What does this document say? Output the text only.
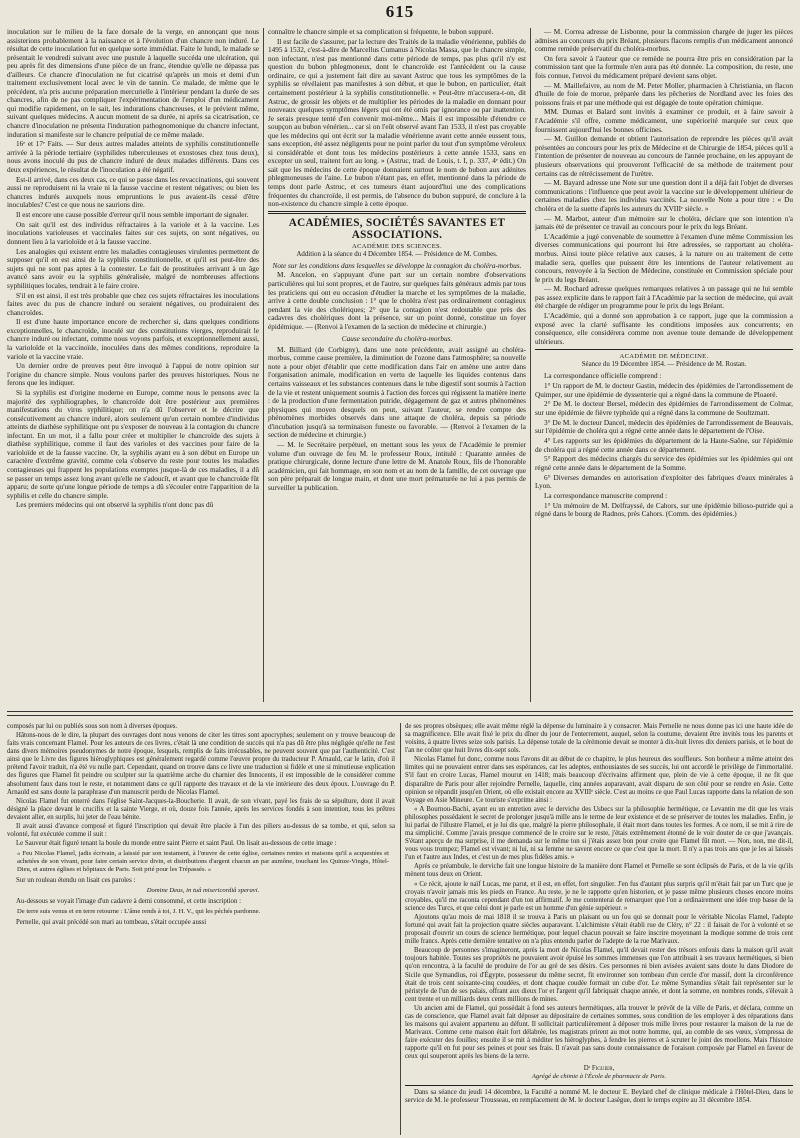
615

inoculation sur le milieu de la face dorsale de la verge, en annonçant que nous assisterions probablement à la naissance et à l'évolution d'un chancre non induré. Le résultat de cette inoculation fut en quelque sorte immédiat. Faite le lundi, le malade se présentait le vendredi suivant avec une pustule à laquelle succéda une ulcération, qui peu après fit des dimensions d'une pièce de un franc, étendue qu'elle ne dépassa pas d'ailleurs. Ce chancre d'inoculation ne fut cicatrisé qu'après un mois et demi d'un traitement exclusivement local avec le vin de tannin. Ce malade, de même que le précédent, n'a pris aucune préparation mercurielle à l'intérieur pendant la durée de ses chancres, afin de ne pas compliquer l'expérimentation de l'emploi d'un médicament qui modifie rapidement, on le sait, les indurations chancreuses, et le prévient même, suivant quelques médecins. A aucun moment de sa durée, ni après sa cicatrisation, ce chancre d'inoculation ne présenta l'induration pathognomonique du chancre infectant, induration si manifeste sur le chancre préputial de ce même malade.

16ᵉ et 17ᵉ Faits. — Sur deux autres malades atteints de syphilis constitutionnelle arrivée à la période tertiaire (syphilides tuberculeuses et exostoses chez tous deux), nous avons inoculé du pus de chancre induré de deux malades différents. Dans ces deux expériences, le résultat de l'inoculation a été négatif.

Est-il arrivé, dans ces deux cas, ce qui se passe dans les revaccinations, qui souvent aussi ne reproduisent ni la vraie ni la fausse vaccine et restent négatives; ou bien les chancres indurés auxquels nous empruntions le pus avaient-ils cessé d'être inoculables? C'est ce que nous ne saurions dire.

Il est encore une cause possible d'erreur qu'il nous semble important de signaler.

On sait qu'il est des individus réfractaires à la variole et à la vaccine. Les inoculations varioleuses et vaccinales faites sur ces sujets, on sont négatives, ou donnent lieu à la varioloïde et à la fausse vaccine.

Les analogies qui existent entre les maladies contagieuses virulentes permettent de supposer qu'il en est ainsi de la syphilis constitutionnelle, et qu'il est peut-être des sujets qui ne sont pas aptes à la contester. Le fait de prostituées arrivant à un âge avancé sans avoir eu la syphilis généralisée, malgré de nombreuses affections syphilitiques locales, tendrait à le faire croire.

S'il en est ainsi, il est très probable que chez ces sujets réfractaires les inoculations faites avec du pus de chancre induré ou seraient négatives, ou produiraient des chancroïdes.

Il est d'une haute importance encore de rechercher si, dans quelques conditions exceptionnelles, le chancroïde, inoculé sur des constitutions vierges, reproduirait le chancre induré ou infectant, comme nous voyons parfois, et exceptionnellement aussi, la varioloïde et la vaccinoïde, inoculées dans des mêmes conditions, reproduire la variole et la vaccine vraie.

Un dernier ordre de preuves peut être invoqué à l'appui de notre opinion sur l'origine du chancre simple. Nous voulons parler des preuves historiques. Nous ne ferons que les indiquer.

Si la syphilis est d'origine moderne en Europe, comme nous le pensons avec la majorité des syphiliographes, le chancroïde doit être postérieur aux premières manifestations du virus syphilitique; on n'a dû l'observer et le décrire que consécutivement au chancre induré, alors seulement qu'un certain nombre d'individus atteints de diathèse syphilitique ont pu s'exposer de nouveau à la contagion du chancre infectant. En un mot, il a fallu pour créer et multiplier le chancroïde des sujets à diathèse syphilitique, comme il faut des varioles et des vaccines pour faire de la varioloïde et de la fausse vaccine. Or, la syphilis ayant eu à son début en Europe un caractère d'extrême gravité, comme cela s'observe du reste pour toutes les maladies contagieuses qui frappent les populations exemptes jusque-là de ces maladies, il a dû se passer un temps assez long avant qu'elle ne s'adoucît, et avant que le chancroïde fût apparu; de sorte qu'une longue période de temps a dû s'écouler entre l'apparition de la syphilis et celle du chancre simple.

Les premiers médecins qui ont observé la syphilis n'ont donc pas dû

connaître le chancre simple et sa complication si fréquente, le bubon suppuré.

Il est facile de s'assurer, par la lecture des Traités de la maladie vénérienne, publiés de 1495 à 1532, c'est-à-dire de Marcellus Cumanus à Nicolas Massa, que le chancre simple, non infectant, n'est pas mentionné dans cette période de temps, pas plus qu'il n'y est question du bubon phlegmoneux, dont le chancroïde est l'antécédent ou la cause ordinaire, ce qui a justement fait dire au savant Astruc que tous les symptômes de la syphilis se révélaient pas manifestes à son début, et que le bubon, en particulier, était certainement postérieur à la syphilis constitutionnelle. « Peut-être m'accusera-t-on, dit Astruc, de grossir les objets et de multiplier les périodes de la maladie en donnant pour nouveaux quelques symptômes légers qui ont été omis par ignorance ou par inattention. Je serais presque tenté d'en convenir moi-même... Mais il est impossible d'étendre ce soupçon au bubon vénérien... car si on l'eût observé avant l'an 1533, il n'est pas croyable que les médecins qui ont écrit sur la maladie vénérienne avant cette année eussent tous, sans exception, été assez négligents pour ne point parler du tout d'un symptôme véroleux si considérable et dont tous les médecins postérieurs à cette année 1533, sans en excepter un seul, traitent fort au long. » (Astruc, trad. de Louis, t. I, p. 337, 4ᵉ édit.) On sait que les médecins de cette époque donnaient surtout le nom de bubon aux adénites phlegmoneuses de l'aine. Le bubon n'étant pas, en effet, mentionné dans la période de temps dont parle Astruc, et ces tumeurs étant aujourd'hui une des complications fréquentes du chancroïde, il est permis, de l'absence du bubon suppuré, de conclure à la non-existence du chancre simple à cette époque.

ACADÉMIES, SOCIÉTÉS SAVANTES ET ASSOCIATIONS.
ACADÉMIE DES SCIENCES.
Addition à la séance du 4 Décembre 1854. — Présidence de M. Combes.

Note sur les conditions dans lesquelles se développe la contagion du choléra-morbus.

M. Ancelon, en s'appuyant d'une part sur un certain nombre d'observations particulières qui lui sont propres, et de l'autre, sur quelques faits généraux admis par tous les praticiens qui ont eu occasion d'étudier la marche et les symptômes de la maladie, arrive à cette double conclusion : 1° que le choléra n'est pas ordinairement contagieux pendant la vie des cholériques; 2° que la contagion n'est redoutable que près des cadavres des cholériques dont la présence, sur un point donné, constitue un foyer épidémique. — (Renvoi à l'examen de la section de médecine et chirurgie.)

Cause secondaire du choléra-morbus.

M. Billiard (de Corbigny), dans une note précédente, avait assigné au choléra-morbus, comme cause première, la diminution de l'ozone dans l'atmosphère; sa nouvelle note a pour objet d'établir que cette modification dans l'air en amène une autre dans l'organisation animale, modification en vertu de laquelle les liquides contenus dans certains vaisseaux et les substances contenues dans le tube digestif sont soumis à l'action de la vie et restent uniquement soumis à l'action des forces qui régissent la matière inerte : de la production d'une fermentation putride, dégagement de gaz et autres phénomènes physiques qui moyen desquels on peut, suivant l'auteur, se rendre compte des phénomènes morbides observés dans une attaque de choléra, depuis sa période d'incubation jusqu'à sa terminaison funeste ou favorable. — (Renvoi à l'examen de la section de médecine et chirurgie.)

— M. le Secrétaire perpétuel, en mettant sous les yeux de l'Académie le premier volume d'un ouvrage de feu M. le professeur Roux, intitulé : Quarante années de pratique chirurgicale, donne lecture d'une lettre de M. Anatole Roux, fils de l'honorable académicien, qui fait hommage, en son nom et au nom de la famille, de cet ouvrage que son père préparait de longue main, et dont une mort prématurée ne lui a pas permis de surveiller la publication.

— M. Correa adresse de Lisbonne, pour la commission chargée de juger les pièces admises au concours du prix Bréant, plusieurs flacons remplis d'un médicament annoncé comme remède préservatif du choléra-morbus.

On fera savoir à l'auteur que ce remède ne pourra être pris en considération par la commission tant que la formule n'en aura pas été donnée. La composition, du reste, une fois connue, l'envoi du médicament préparé devient sans objet.

— M. Maillefaivre, au nom de M. Peter Moller, pharmacien à Christiania, un flacon d'huile de foie de morue, préparée dans les pêcheries de Nordland avec les foies des poissons frais et par une méthode qui est dégagée de toute opération chimique.

MM. Dumas et Balard sont invités à examiner ce produit, et à faire savoir à l'Académie s'il offre, comme médicament, une supériorité marquée sur ceux que fournissent aujourd'hui les bonnes officines.

— M. Guillon demande et obtient l'autorisation de reprendre les pièces qu'il avait présentées au concours pour les prix de Médecine et de Chirurgie de 1854, pièces qu'il a l'intention de présenter de nouveau au concours de l'année prochaine, en les appuyant de plusieurs observations qui prouveront l'efficacité de sa méthode de traitement pour certains cas de rétrécissement de l'urètre.

— M. Bayard adresse une Note sur une question dont il a déjà fait l'objet de diverses communications : l'influence que peut avoir la vaccine sur le développement ultérieur de certaines maladies chez les individus vaccinés. La nouvelle Note a pour titre : « Du choléra et de la suette d'après les auteurs du XVIIIᵉ siècle. »

— M. Marbot, auteur d'un mémoire sur le choléra, déclare que son intention n'a jamais été de présenter ce travail au concours pour le prix du legs Bréant.

L'Académie a jugé convenable de soumettre à l'examen d'une même Commission les diverses communications qui pourront lui être adressées, se rapportant au choléra-morbus. Ainsi toute pièce relative aux causes, à la nature ou au traitement de cette maladie sera, quelles que puissent être les intentions de l'auteur relativement au concours, renvoyée à la Section de Médecine, constituée en Commission spéciale pour le prix du legs Bréant.

— M. Rochard adresse quelques remarques relatives à un passage qui ne lui semble pas assez explicite dans le rapport fait à l'Académie par la section de médecine, qui avait été chargée de rédiger un programme pour le prix du legs Bréant.

L'Académie, qui a donné son approbation à ce rapport, juge que la commission a exposé avec la clarté suffisante les conditions imposées aux concurrents; en conséquence, elle considérera comme non avenue toute demande de développement ultérieurs.

ACADÉMIE DE MÉDECINE.
Séance du 19 Décembre 1854. — Présidence de M. Rostan.

La correspondance officielle comprend :

1° Un rapport de M. le docteur Gastin, médecin des épidémies de l'arrondissement de Quimper, sur une épidémie de dyssenterie qui a régné dans la commune de Ploaeré.

2° De M. le docteur Bersel, médecin des épidémies de l'arrondissement de Colmar, sur une épidémie de fièvre typhoïde qui a régné dans la commune de Soultzmatt.

3° De M. le docteur Dancel, médecin des épidémies de l'arrondissement de Beauvais, sur l'épidémie de choléra qui a régné cette année dans le département de l'Oise.

4° Les rapports sur les épidémies du département de la Haute-Saône, sur l'épidémie de choléra qui a régné cette année dans ce département.

5° Rapport des médecins chargés du service des épidémies sur les épidémies qui ont régné cette année dans le département de la Somme.

6° Diverses demandes en autorisation d'exploiter des fabriques d'eaux minérales à Lyon.

La correspondance manuscrite comprend :

1° Un mémoire de M. Delfrayssé, de Cahors, sur une épidémie bilioso-putride qui a régné dans le bourg de Radnos, près Cahors. (Comm. des épidémies.)

composés par lui ou publiés sous son nom à diverses époques.

Hâtons-nous de le dire, la plupart des ouvrages dont nous venons de citer les titres sont apocryphes; seulement on y trouve beaucoup de faits vrais concernant Flamel. Pour les auteurs de ces livres, c'était là une condition de succès qui n'a pas dû être plus négligée qu'elle ne l'est dans divers mémoires pseudonymes de notre époque, lesquels, remplis de faits irrécusables, ne peuvent souvent que par l'authenticité. C'est ainsi que le Livre des figures hiéroglyphiques est généralement regardé comme l'œuvre propre du traducteur P. Arnauld, car le latin, d'où il prétend l'avoir traduit, n'a été vu nulle part. Cependant, quand on trouve dans ce livre une traduction si fidèle et une si minutieuse explication des figures que Flamel fit peindre ou sculpter sur la quatrième arche du charnier des Innocents, il est impossible de le considérer comme absolument faux dans tout le reste, et notamment dans ce qu'il rapporte des travaux et de la vie intérieure des deux époux. L'ouvrage du P. Arnauld est sans doute la paraphrase d'un manuscrit perdu de Nicolas Flamel.

Nicolas Flamel fut enterré dans l'église Saint-Jacques-la-Boucherie. Il avait, de son vivant, payé les frais de sa sépulture, dont il avait désigné la place devant le crucifix et la sainte Vierge, et où, douze fois l'année, après les services fondés à son intention, tous les prêtres devaient aller, en surplis, lui jeter de l'eau bénite.

Il avait aussi d'avance composé et figuré l'inscription qui devait être placée à l'un des piliers au-dessus de sa tombe, et qui, selon sa volonté, fut exécutée comme il suit :

Le Sauveur était figuré tenant la boule du monde entre saint Pierre et saint Paul. On lisait au-dessous de cette image :

« Feu Nicolas Flamel, jadis écrivain, a laissié par son testament, à l'œuvre de cette église, certaines rentes et maisons qu'il a acquestées et achetées de son vivant, pour faire certain service divin, et distributions d'argent chacun an par aumône, touchant les Quinze-Vingts, Hôtel-Dieu, et autres églises et hôpitaux de Paris. Soit prié pour les Trépassés. »

Sur un rouleau étendu on lisait ces paroles :

Domine Deus, in tuâ misericordiâ speravi.

Au-dessous se voyait l'image d'un cadavre à demi consommé, et cette inscription :

De terre suis venus et en terre retourne : L'âme rends à toi, J. H. V., qui les péchés pardonne.

Pernelle, qui avait précédé son mari au tombeau, s'était occupée aussi

de ses propres obsèques; elle avait même réglé la dépense du luminaire à y consacrer. Mais Pernelle ne nous donne pas ici une haute idée de sa magnificence. Elle avait fixé le prix du dîner du jour de l'enterrement, auquel, selon la coutume, devaient être invités tous les parents et voisins, à quatre livres seize sols parisis. La dépense totale de la cérémonie devait se monter à dix-huit livres dix deniers parisis, et le bout de l'an ne coûter que huit livres dix-sept sols.

Nicolas Flamel fut donc, comme nous l'avons dit au début de ce chapitre, le plus heureux des souffleurs. Son bonheur a même atteint des limites qui ne pouvaient entrer dans ses espérances, car les adeptes, enthousiastes de ses succès, lui ont accordé le privilège de l'immortalité. S'il faut en croire Lucas, Flamel mourut en 1418; mais beaucoup d'écrivains affirment que, plein de vie à cette époque, il ne fit que disparaître de Paris pour aller rejoindre Pernelle, laquelle, cinq années auparavant, avait disparu de son côté pour se rendre en Asie. Cette opinion se répandit jusqu'en Orient, où elle existait encore au XVIIIᵉ siècle. C'est au moins ce que Paul Lucas rapporte dans la relation de son Voyage en Asie Mineure. Ce touriste s'exprime ainsi :

« A Bournou-Bachi, ayant eu un entretien avec le derviche des Usbecs sur la philosophie hermétique, ce Levantin me dit que les vrais philosophes possédaient le secret de prolonger jusqu'à mille ans le terme de leur existence et de se préserver de toutes les maladies. Enfin, je lui parlai de l'illustre Flamel, et je lui dis que, malgré la pierre philosophale, il était mort dans toutes les formes. A ce nom, il se mit à rire de ma simplicité. Comme j'avais presque commencé de le croire sur le reste, j'étais extrêmement étonné de le voir douter de ce que j'avançais. S'étant aperçu de ma surprise, il me demanda sur le même ton si j'étais assez bon pour croire que Flamel fût mort. — Non, non, me dit-il, vous vous trompez; Flamel est vivant; ni lui, ni sa femme ne savent encore ce que c'est que la mort. Il n'y a pas trois ans que je les ai laissés l'un et l'autre aux Indes, et c'est un de mes plus fidèles amis. »

Après ce préambule, le derviche fait une longue histoire de la manière dont Flamel et Pernelle se sont éclipsés de Paris, et de la vie qu'ils mènent tous deux en Orient.

« Ce récit, ajoute le naïf Lucas, me parut, et il est, en effet, fort singulier. J'en fus d'autant plus surpris qu'il m'était fait par un Turc que je croyais n'avoir jamais mis les pieds en France. Au reste, je ne le rapporte qu'en historien, et je passe même plusieurs choses encore moins croyables, qu'il me raconta cependant d'un ton affirmatif. Je me contenterai de remarquer que l'on a ordinairement une idée trop basse de la science des Turcs, et que celui dont je parle est un homme d'un génie supérieur. »

Ajoutons qu'au mois de mai 1818 il se trouva à Paris un plaisant ou un fou qui se donnait pour le véritable Nicolas Flamel, l'adepte fortuné qui avait fait la projection quatre siècles auparavant. L'alchimiste s'était établi rue de Cléry, n° 22 : il faisait de l'or à volonté et se proposait d'ouvrir un cours de science hermétique, pour lequel chacun pouvait se faire inscrire moyennant la modique somme de trois cent mille francs. Après cette dernière tentative on n'a plus entendu parler de l'adepte de la rue Marivaux.

Beaucoup de personnes s'imagineront, après la mort de Nicolas Flamel, qu'il devait rester des trésors enfouis dans la maison qu'il avait toujours habitée. Toutes ses propriétés ne pouvaient avoir épuisé les sommes immenses que l'on attribuait à ses travaux hermétiques, si bien qu'on rencontra, à la faculté de produire de l'or au gré de ses désirs. Ces personnes ni bien avisées avaient sans doute lu dans Diodore de Sicile que Symandius, roi d'Égypte, possesseur du même secret, fit environner son tombeau d'un cercle d'or massif, dont la circonférence était de trois cent soixante-cinq coudées, et dont chaque coudée formait un cube d'or. Le même Symandius s'était fait représenter sur le péristyle de l'un de ses palais, offrant aux dieux l'or et l'argent qu'il fabriquait chaque année, et dont la somme, en nombres ronds, s'élevait à cent trente et un milliards deux cents millions de mines.

Un ancien ami de Flamel, qui possédait à fond ses auteurs hermétiques, alla trouver le prévôt de la ville de Paris, et déclara, comme un cas de conscience, que Flamel avait fait déposer au dépositaire de certaines sommes, sous condition de les employer à des réparations dans les maisons qui avaient appartenu au défunt. Il sollicitait particulièrement à déposer trois mille livres pour restaurer la maison de la rue de Marivaux. Comme cette maison était fort délabrée, les magistrats prirent au mot notre homme, qui, au comble de ses vœux, s'empressa de faire exécuter des fouilles; ensuite il se mit à méditer les hiéroglyphes, à fendre les pierres et à scruter le joint des moellons. Mais l'histoire rapporte qu'il en fut pour ses peines et pour ses frais. Il n'avait pas sans doute connaissance de l'oraison composée par Flamel en faveur de ceux qui souperont après les biens de la terre.

Dʳ Figuier,
Agrégé de chimie à l'École de pharmacie de Paris.

Dans sa séance du jeudi 14 décembre, la Faculté a nommé M. le docteur E. Beylard chef de clinique médicale à l'Hôtel-Dieu, dans le service de M. le professeur Trousseau, en remplacement de M. le docteur Lasègue, dont le temps expire au 31 décembre 1854.
